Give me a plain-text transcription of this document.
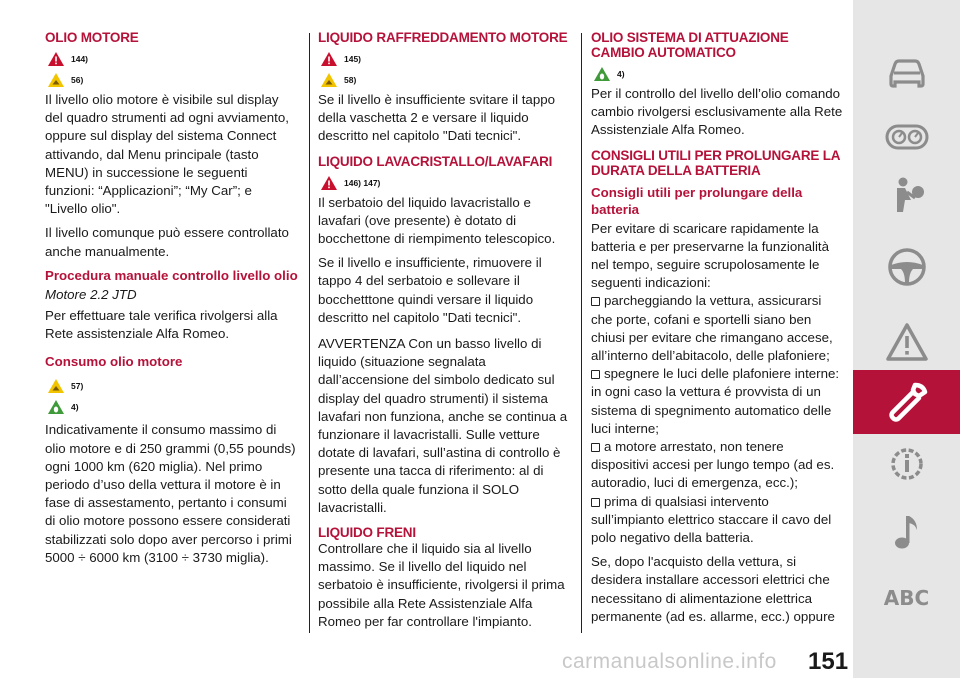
OLIO MOTORE
144)
56)

Il livello olio motore è visibile sul display del quadro strumenti ad ogni avviamento, oppure sul display del sistema Connect attivando, dal Menu principale (tasto MENU) in successione le seguenti funzioni: “Applicazioni”; “My Car”; e "Livello olio".

Il livello comunque può essere controllato anche manualmente.

Procedura manuale controllo livello olio
Motore 2.2 JTD

Per effettuare tale verifica rivolgersi alla Rete assistenziale Alfa Romeo.

Consumo olio motore
57)
4)

Indicativamente il consumo massimo di olio motore e di 250 grammi (0,55 pounds) ogni 1000 km (620 miglia). Nel primo periodo d’uso della vettura il motore è in fase di assestamento, pertanto i consumi di olio motore possono essere considerati stabilizzati solo dopo aver percorso i primi 5000 ÷ 6000 km (3100 ÷ 3730 miglia).

LIQUIDO RAFFREDDAMENTO MOTORE
145)
58)

Se il livello è insufficiente svitare il tappo della vaschetta 2 e versare il liquido descritto nel capitolo "Dati tecnici".

LIQUIDO LAVACRISTALLO/LAVAFARI
146) 147)

Il serbatoio del liquido lavacristallo e lavafari (ove presente) è dotato di bocchettone di riempimento telescopico.

Se il livello e insufficiente, rimuovere il tappo 4 del serbatoio e sollevare il bocchetttone quindi versare il liquido descritto nel capitolo "Dati tecnici".

AVVERTENZA Con un basso livello di liquido (situazione segnalata dall’accensione del simbolo dedicato sul display del quadro strumenti) il sistema lavafari non funziona, anche se continua a funzionare il lavacristalli. Sulle vetture dotate di lavafari, sull’astina di controllo è presente una tacca di riferimento: al di sotto della quale funziona il SOLO lavacristalli.

LIQUIDO FRENI

Controllare che il liquido sia al livello massimo. Se il livello del liquido nel serbatoio è insufficiente, rivolgersi il prima possibile alla Rete Assistenziale Alfa Romeo per far controllare l'impianto.

OLIO SISTEMA DI ATTUAZIONE CAMBIO AUTOMATICO
4)

Per il controllo del livello dell’olio comando cambio rivolgersi esclusivamente alla Rete Assistenziale Alfa Romeo.

CONSIGLI UTILI PER PROLUNGARE LA DURATA DELLA BATTERIA
Consigli utili per prolungare della batteria

Per evitare di scaricare rapidamente la batteria e per preservarne la funzionalità nel tempo, seguire scrupolosamente le seguenti indicazioni:

parcheggiando la vettura, assicurarsi che porte, cofani e sportelli siano ben chiusi per evitare che rimangano accese, all’interno dell’abitacolo, delle plafoniere;

spegnere le luci delle plafoniere interne: in ogni caso la vettura é provvista di un sistema di spegnimento automatico delle luci interne;

a motore arrestato, non tenere dispositivi accesi per lungo tempo (ad es. autoradio, luci di emergenza, ecc.);

prima di qualsiasi intervento sull’impianto elettrico staccare il cavo del polo negativo della batteria.

Se, dopo l'acquisto della vettura, si desidera installare accessori elettrici che necessitano di alimentazione elettrica permanente (ad es. allarme, ecc.) oppure

ABC
carmanualsonline.info 151
